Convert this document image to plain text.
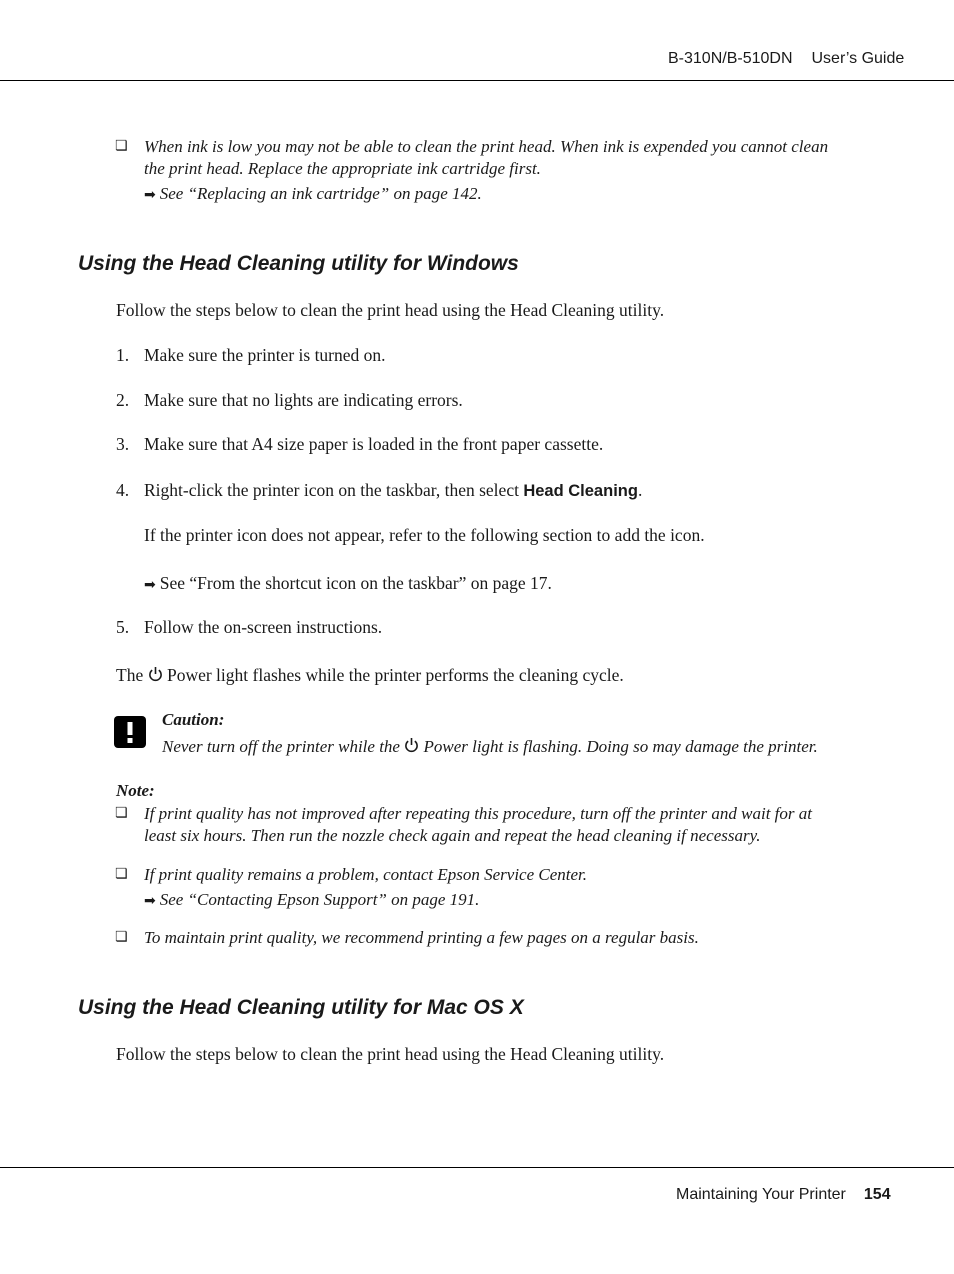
B-310N/B-510DN User’s Guide
❏ When ink is low you may not be able to clean the print head. When ink is expended you cannot clean
the print head. Replace the appropriate ink cartridge first.
➡ See “Replacing an ink cartridge” on page 142.
Using the Head Cleaning utility for Windows
Follow the steps below to clean the print head using the Head Cleaning utility.
1. Make sure the printer is turned on.
2. Make sure that no lights are indicating errors.
3. Make sure that A4 size paper is loaded in the front paper cassette.
4. Right-click the printer icon on the taskbar, then select Head Cleaning.
If the printer icon does not appear, refer to the following section to add the icon.
➡ See “From the shortcut icon on the taskbar” on page 17.
5. Follow the on-screen instructions.
The Power light flashes while the printer performs the cleaning cycle.
Caution:
Never turn off the printer while the Power light is flashing. Doing so may damage the printer.
Note:
❏ If print quality has not improved after repeating this procedure, turn off the printer and wait for at
least six hours. Then run the nozzle check again and repeat the head cleaning if necessary.
❏ If print quality remains a problem, contact Epson Service Center.
➡ See “Contacting Epson Support” on page 191.
❏ To maintain print quality, we recommend printing a few pages on a regular basis.
Using the Head Cleaning utility for Mac OS X
Follow the steps below to clean the print head using the Head Cleaning utility.
Maintaining Your Printer 154
